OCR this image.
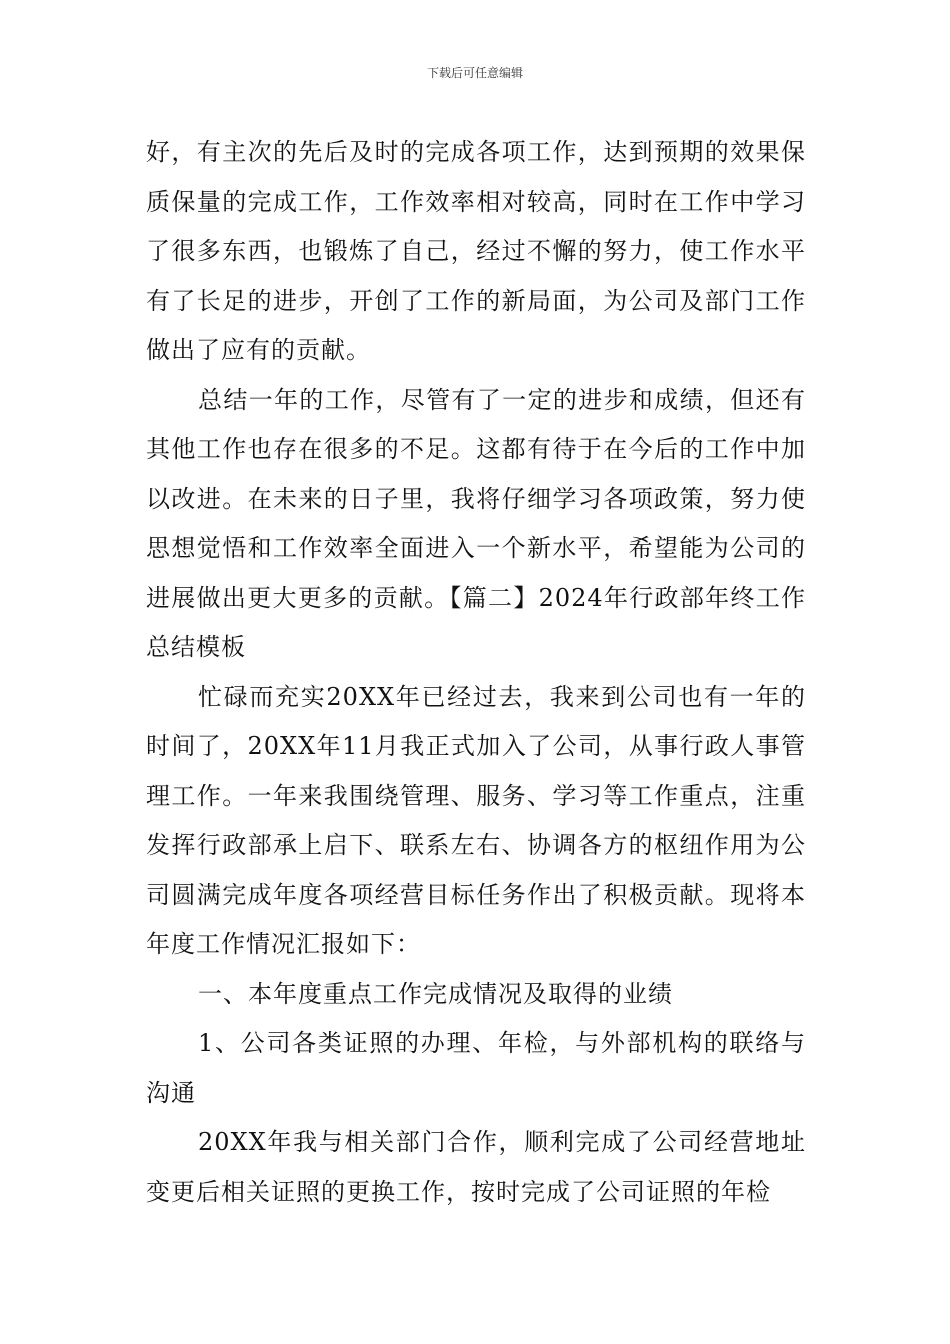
下载后可任意编辑

好，有主次的先后及时的完成各项工作，达到预期的效果保质保量的完成工作，工作效率相对较高，同时在工作中学习了很多东西，也锻炼了自己，经过不懈的努力，使工作水平有了长足的进步，开创了工作的新局面，为公司及部门工作做出了应有的贡献。

总结一年的工作，尽管有了一定的进步和成绩，但还有其他工作也存在很多的不足。这都有待于在今后的工作中加以改进。在未来的日子里，我将仔细学习各项政策，努力使思想觉悟和工作效率全面进入一个新水平，希望能为公司的进展做出更大更多的贡献。【篇二】2024年行政部年终工作总结模板

忙碌而充实20XX年已经过去，我来到公司也有一年的时间了，20XX年11月我正式加入了公司，从事行政人事管理工作。一年来我围绕管理、服务、学习等工作重点，注重发挥行政部承上启下、联系左右、协调各方的枢纽作用为公司圆满完成年度各项经营目标任务作出了积极贡献。现将本年度工作情况汇报如下：

一、本年度重点工作完成情况及取得的业绩

1、公司各类证照的办理、年检，与外部机构的联络与沟通

20XX年我与相关部门合作，顺利完成了公司经营地址变更后相关证照的更换工作，按时完成了公司证照的年检
